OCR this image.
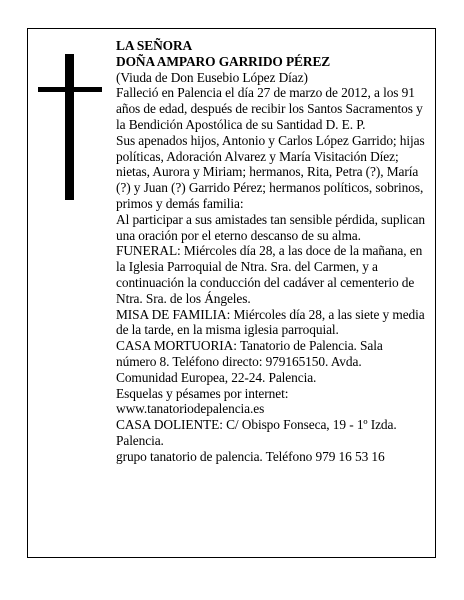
LA SEÑORA

DOÑA AMPARO GARRIDO PÉREZ

(Viuda de Don Eusebio López Díaz)

Falleció en Palencia el día 27 de marzo de 2012, a los 91 años de edad, después de recibir los Santos Sacramentos y la Bendición Apostólica de su Santidad D. E. P.

Sus apenados hijos, Antonio y Carlos López Garrido; hijas políticas, Adoración Alvarez y María Visitación Díez; nietas, Aurora y Miriam; hermanos, Rita, Petra (?), María (?) y Juan (?) Garrido Pérez; hermanos políticos, sobrinos, primos y demás familia:

Al participar a sus amistades tan sensible pérdida, suplican una oración por el eterno descanso de su alma.

FUNERAL: Miércoles día 28, a las doce de la mañana, en la Iglesia Parroquial de Ntra. Sra. del Carmen, y a continuación la conducción del cadáver al cementerio de Ntra. Sra. de los Ángeles.

MISA DE FAMILIA: Miércoles día 28, a las siete y media de la tarde, en la misma iglesia parroquial.

CASA MORTUORIA: Tanatorio de Palencia. Sala número 8. Teléfono directo: 979165150. Avda. Comunidad Europea, 22-24. Palencia.

Esquelas y pésames por internet:

www.tanatoriodepalencia.es

CASA DOLIENTE: C/ Obispo Fonseca, 19 - 1º Izda. Palencia.

grupo tanatorio de palencia. Teléfono 979 16 53 16
